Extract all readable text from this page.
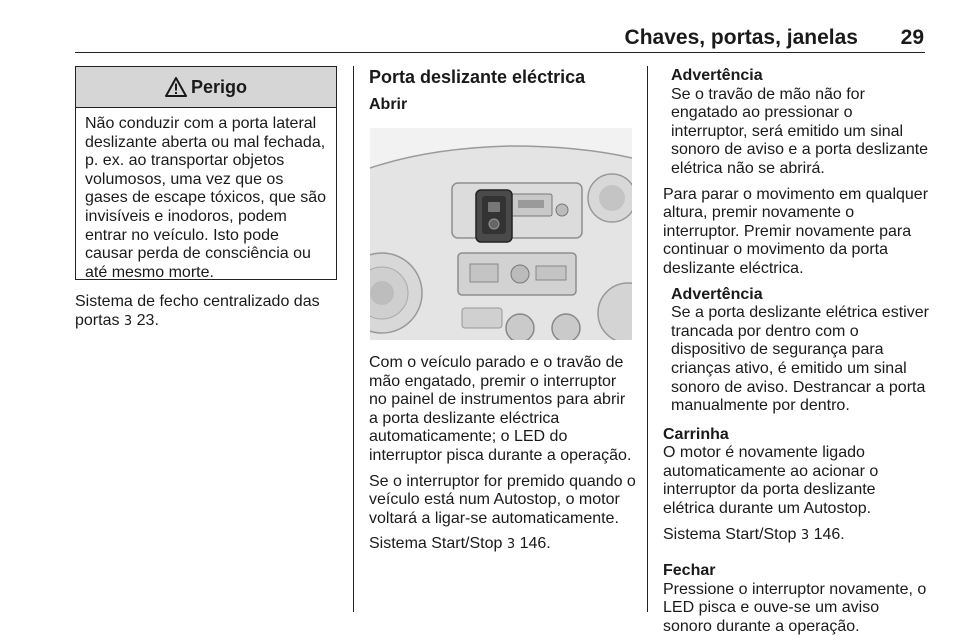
Chaves, portas, janelas 29
Perigo
Não conduzir com a porta lateral deslizante aberta ou mal fechada, p. ex. ao transportar objetos volumosos, uma vez que os gases de escape tóxicos, que são invisíveis e inodoros, podem entrar no veículo. Isto pode causar perda de consciência ou até mesmo morte.

Sistema de fecho centralizado das portas 3 23.

Porta deslizante eléctrica
Abrir

Com o veículo parado e o travão de mão engatado, premir o interruptor no painel de instrumentos para abrir a porta deslizante eléctrica automaticamente; o LED do interruptor pisca durante a operação.

Se o interruptor for premido quando o veículo está num Autostop, o motor voltará a ligar-se automaticamente.

Sistema Start/Stop 3 146.

Advertência
Se o travão de mão não for engatado ao pressionar o interruptor, será emitido um sinal sonoro de aviso e a porta deslizante elétrica não se abrirá.

Para parar o movimento em qualquer altura, premir novamente o interruptor. Premir novamente para continuar o movimento da porta deslizante eléctrica.

Advertência
Se a porta deslizante elétrica estiver trancada por dentro com o dispositivo de segurança para crianças ativo, é emitido um sinal sonoro de aviso. Destrancar a porta manualmente por dentro.
Carrinha

O motor é novamente ligado automaticamente ao acionar o interruptor da porta deslizante elétrica durante um Autostop.

Sistema Start/Stop 3 146.

Fechar

Pressione o interruptor novamente, o LED pisca e ouve-se um aviso sonoro durante a operação.
